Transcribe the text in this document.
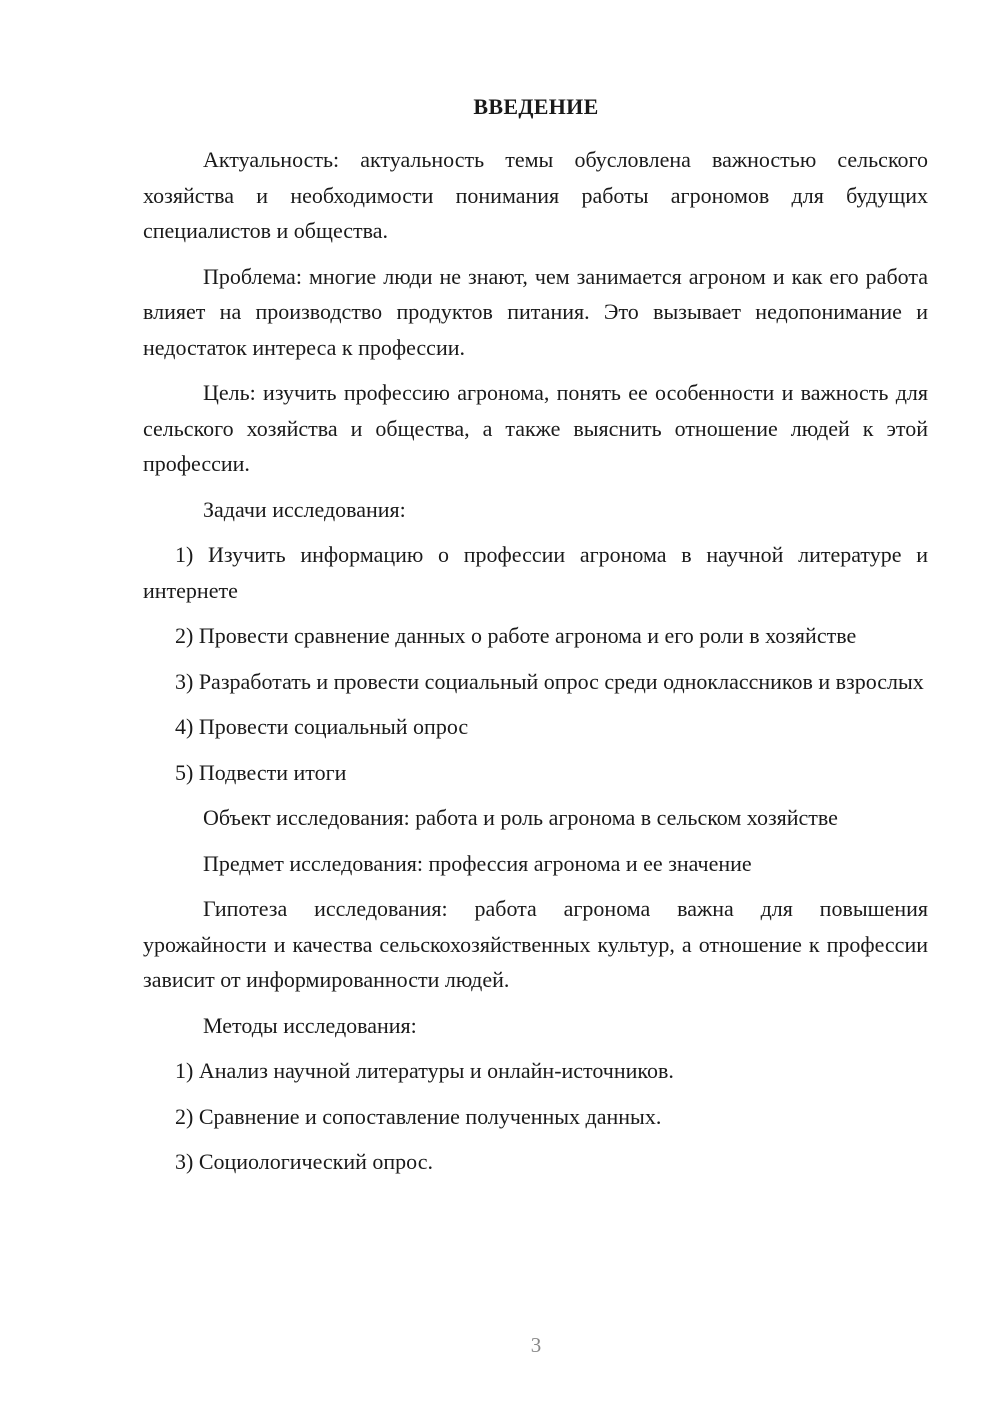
ВВЕДЕНИЕ

Актуальность: актуальность темы обусловлена важностью сельского хозяйства и необходимости понимания работы агрономов для будущих специалистов и общества.

Проблема: многие люди не знают, чем занимается агроном и как его работа влияет на производство продуктов питания. Это вызывает недопонимание и недостаток интереса к профессии.

Цель: изучить профессию агронома, понять ее особенности и важность для сельского хозяйства и общества, а также выяснить отношение людей к этой профессии.

Задачи исследования:

1) Изучить информацию о профессии агронома в научной литературе и интернете

2) Провести сравнение данных о работе агронома и его роли в хозяйстве

3) Разработать и провести социальный опрос среди одноклассников и взрослых

4) Провести социальный опрос

5) Подвести итоги

Объект исследования: работа и роль агронома в сельском хозяйстве

Предмет исследования: профессия агронома и ее значение

Гипотеза исследования: работа агронома важна для повышения урожайности и качества сельскохозяйственных культур, а отношение к профессии зависит от информированности людей.

Методы исследования:

1) Анализ научной литературы и онлайн-источников.

2) Сравнение и сопоставление полученных данных.

3) Социологический опрос.

3
